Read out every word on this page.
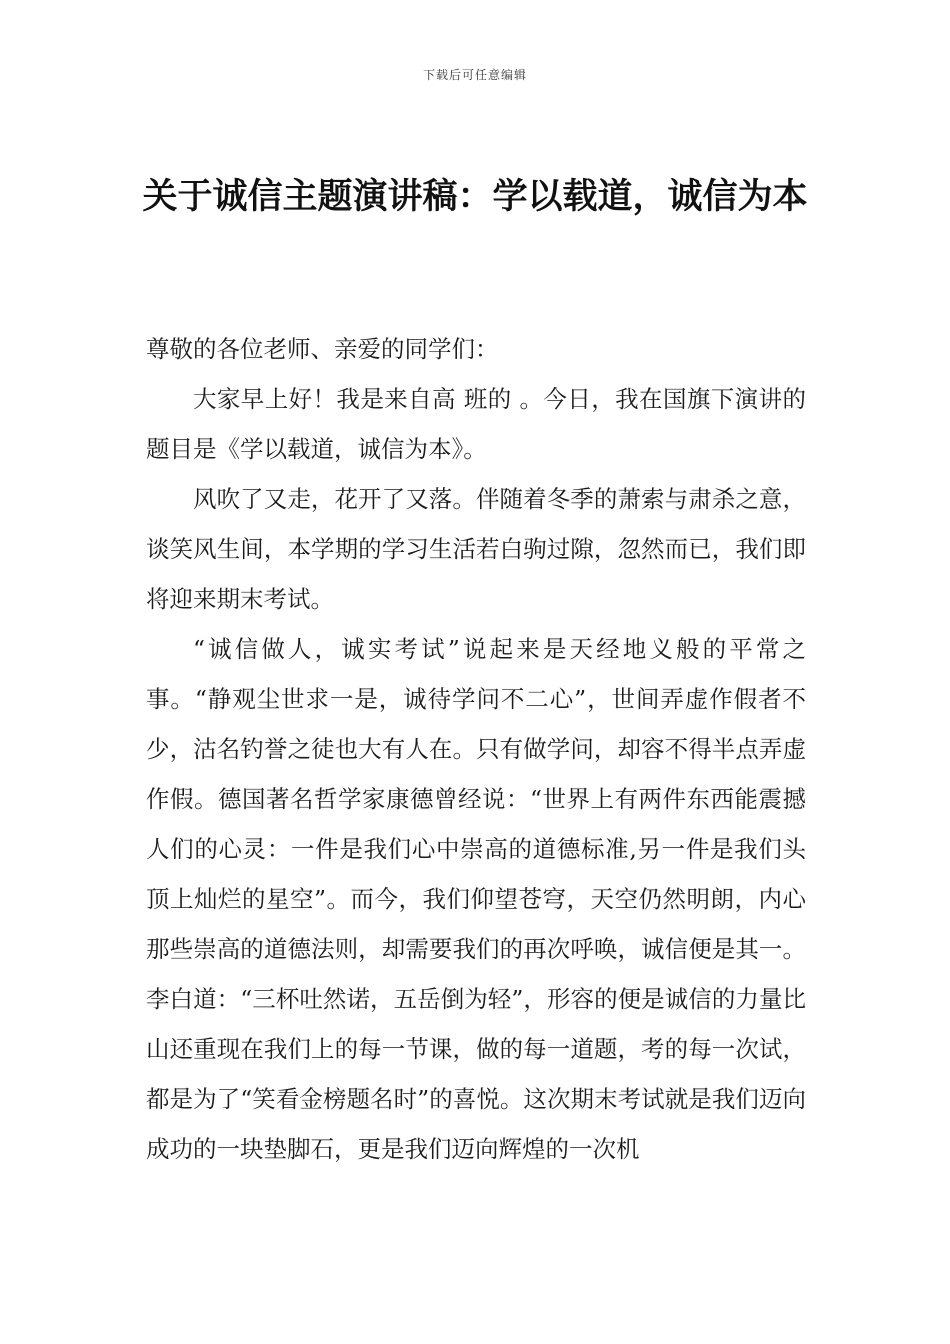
下载后可任意编辑
关于诚信主题演讲稿：学以载道，诚信为本

尊敬的各位老师、亲爱的同学们：

大家早上好！我是来自高 班的 。今日，我在国旗下演讲的题目是《学以载道，诚信为本》。

风吹了又走，花开了又落。伴随着冬季的萧索与肃杀之意，谈笑风生间，本学期的学习生活若白驹过隙，忽然而已，我们即将迎来期末考试。

“诚信做人，诚实考试”说起来是天经地义般的平常之事。“静观尘世求一是，诚待学问不二心”，世间弄虚作假者不少，沽名钓誉之徒也大有人在。只有做学问，却容不得半点弄虚作假。德国著名哲学家康德曾经说：“世界上有两件东西能震撼人们的心灵：一件是我们心中崇高的道德标准,另一件是我们头顶上灿烂的星空”。而今，我们仰望苍穹，天空仍然明朗，内心那些崇高的道德法则，却需要我们的再次呼唤，诚信便是其一。李白道：“三杯吐然诺，五岳倒为轻”，形容的便是诚信的力量比山还重现在我们上的每一节课，做的每一道题，考的每一次试，都是为了“笑看金榜题名时”的喜悦。这次期末考试就是我们迈向成功的一块垫脚石，更是我们迈向辉煌的一次机
